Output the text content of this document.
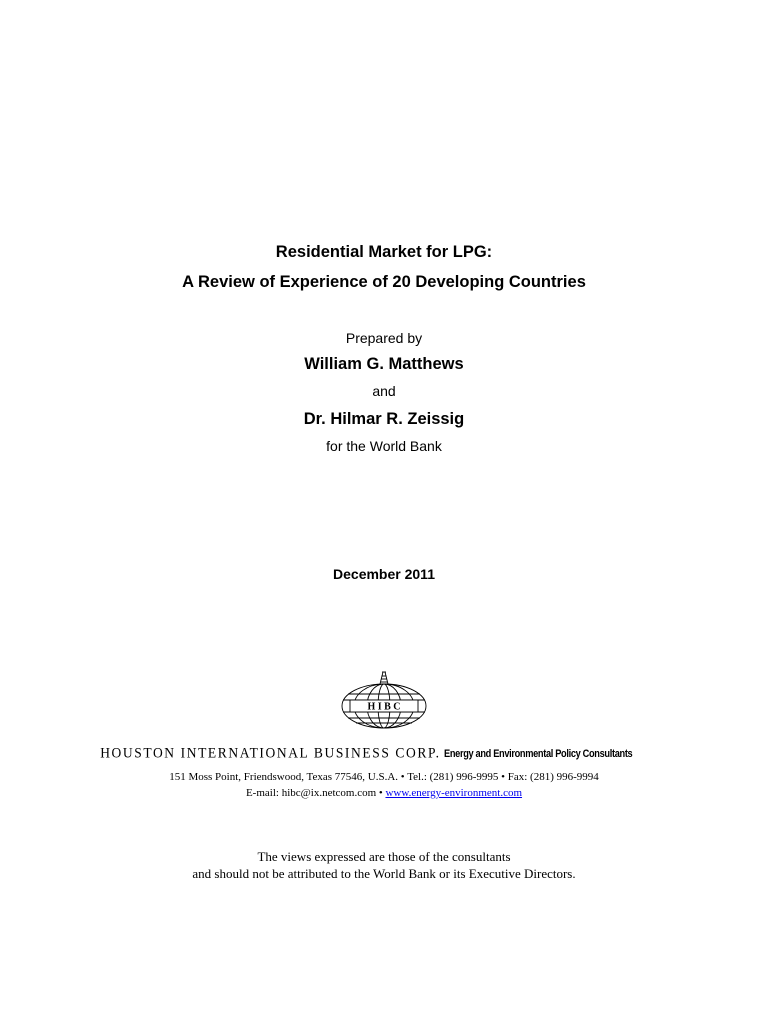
Residential Market for LPG:
A Review of Experience of 20 Developing Countries
Prepared by
William G. Matthews
and
Dr. Hilmar R. Zeissig
for the World Bank
December 2011
H I B C
HOUSTON INTERNATIONAL BUSINESS CORP. Energy and Environmental Policy Consultants
151 Moss Point, Friendswood, Texas 77546, U.S.A. • Tel.: (281) 996-9995 • Fax: (281) 996-9994
E-mail: hibc@ix.netcom.com • www.energy-environment.com
The views expressed are those of the consultants
and should not be attributed to the World Bank or its Executive Directors.
